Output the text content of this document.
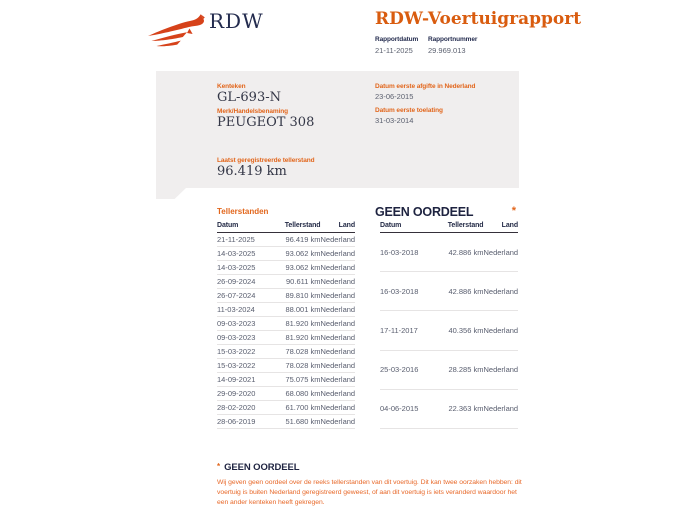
RDW	RDW-Voertuigrapport
Rapportdatum
21-11-2025
Rapportnummer
29.969.013
Kenteken
GL-693-N
Merk/Handelsbenaming
PEUGEOT 308
Laatst geregistreerde tellerstand
96.419 km
Datum eerste afgifte in Nederland
23-06-2015
Datum eerste toelating
31-03-2014
GEEN OORDEEL	*
Tellerstanden
Datum	Tellerstand	Land
21-11-2025	96.419 km	Nederland
14-03-2025	93.062 km	Nederland
14-03-2025	93.062 km	Nederland
26-09-2024	90.611 km	Nederland
26-07-2024	89.810 km	Nederland
11-03-2024	88.001 km	Nederland
09-03-2023	81.920 km	Nederland
09-03-2023	81.920 km	Nederland
15-03-2022	78.028 km	Nederland
15-03-2022	78.028 km	Nederland
14-09-2021	75.075 km	Nederland
29-09-2020	68.080 km	Nederland
28-02-2020	61.700 km	Nederland
28-06-2019	51.680 km	Nederland
Datum	Tellerstand	Land
16-03-2018	42.886 km	Nederland
16-03-2018	42.886 km	Nederland
17-11-2017	40.356 km	Nederland
25-03-2016	28.285 km	Nederland
04-06-2015	22.363 km	Nederland
* GEEN OORDEEL

Wij geven geen oordeel over de reeks tellerstanden van dit voertuig. Dit kan twee oorzaken hebben: dit voertuig is buiten Nederland geregistreerd geweest, of aan dit voertuig is iets veranderd waardoor het een ander kenteken heeft gekregen.
